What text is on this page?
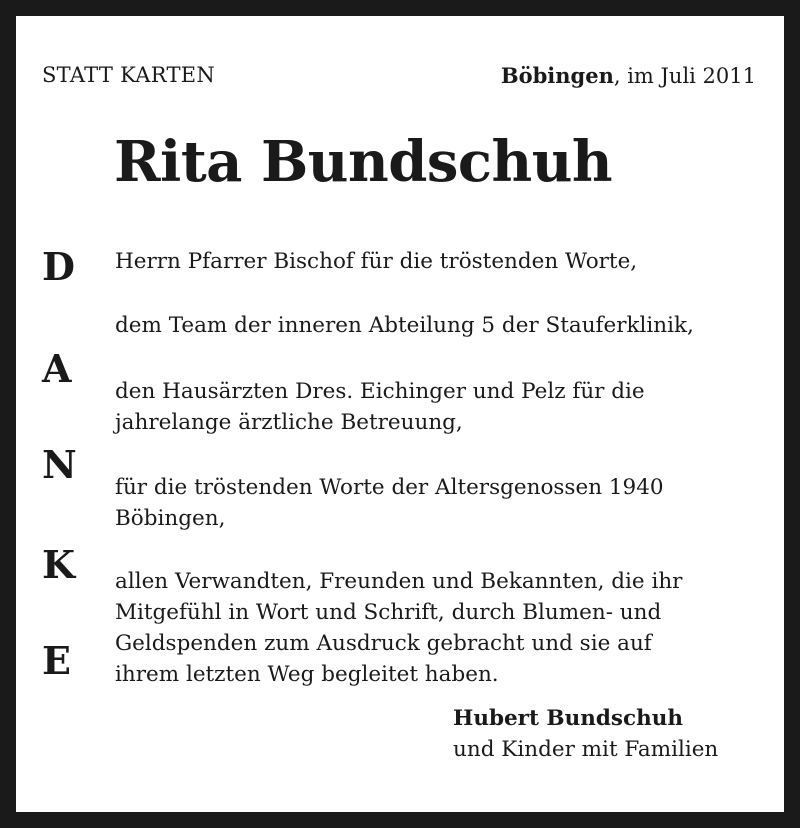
STATT KARTEN	Böbingen, im Juli 2011

Rita Bundschuh

D

A

N

K

E

Herrn Pfarrer Bischof für die tröstenden Worte,
dem Team der inneren Abteilung 5 der Stauferklinik,
den Hausärzten Dres. Eichinger und Pelz für die
jahrelange ärztliche Betreuung,
für die tröstenden Worte der Altersgenossen 1940
Böbingen,
allen Verwandten, Freunden und Bekannten, die ihr
Mitgefühl in Wort und Schrift, durch Blumen- und
Geldspenden zum Ausdruck gebracht und sie auf
ihrem letzten Weg begleitet haben.

Hubert Bundschuh

und Kinder mit Familien
